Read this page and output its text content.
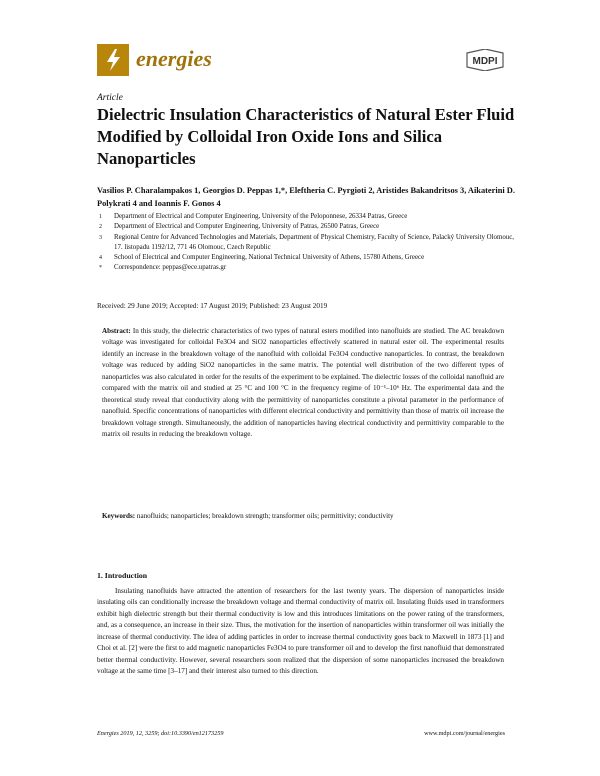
energies	MDPI
Article
Dielectric Insulation Characteristics of Natural Ester Fluid Modified by Colloidal Iron Oxide Ions and Silica Nanoparticles
Vasilios P. Charalampakos 1, Georgios D. Peppas 1,*, Eleftheria C. Pyrgioti 2, Aristides Bakandritsos 3, Aikaterini D. Polykrati 4 and Ioannis F. Gonos 4
1	Department of Electrical and Computer Engineering, University of the Peloponnese, 26334 Patras, Greece
2	Department of Electrical and Computer Engineering, University of Patras, 26500 Patras, Greece
3	Regional Centre for Advanced Technologies and Materials, Department of Physical Chemistry, Faculty of Science, Palacký University Olomouc, 17. listopadu 1192/12, 771 46 Olomouc, Czech Republic
4	School of Electrical and Computer Engineering, National Technical University of Athens, 15780 Athens, Greece
*	Correspondence: peppas@ece.upatras.gr
Received: 29 June 2019; Accepted: 17 August 2019; Published: 23 August 2019

Abstract: In this study, the dielectric characteristics of two types of natural esters modified into nanofluids are studied. The AC breakdown voltage was investigated for colloidal Fe3O4 and SiO2 nanoparticles effectively scattered in natural ester oil. The experimental results identify an increase in the breakdown voltage of the nanofluid with colloidal Fe3O4 conductive nanoparticles. In contrast, the breakdown voltage was reduced by adding SiO2 nanoparticles in the same matrix. The potential well distribution of the two different types of nanoparticles was also calculated in order for the results of the experiment to be explained. The dielectric losses of the colloidal nanofluid are compared with the matrix oil and studied at 25 °C and 100 °C in the frequency regime of 10⁻¹–10⁶ Hz. The experimental data and the theoretical study reveal that conductivity along with the permittivity of nanoparticles constitute a pivotal parameter in the performance of nanofluid. Specific concentrations of nanoparticles with different electrical conductivity and permittivity than those of matrix oil increase the breakdown voltage strength. Simultaneously, the addition of nanoparticles having electrical conductivity and permittivity comparable to the matrix oil results in reducing the breakdown voltage.

Keywords: nanofluids; nanoparticles; breakdown strength; transformer oils; permittivity; conductivity

1. Introduction

Insulating nanofluids have attracted the attention of researchers for the last twenty years. The dispersion of nanoparticles inside insulating oils can conditionally increase the breakdown voltage and thermal conductivity of matrix oil. Insulating fluids used in transformers exhibit high dielectric strength but their thermal conductivity is low and this introduces limitations on the power rating of the transformers, and, as a consequence, an increase in their size. Thus, the motivation for the insertion of nanoparticles within transformer oil was initially the increase of thermal conductivity. The idea of adding particles in order to increase thermal conductivity goes back to Maxwell in 1873 [1] and Choi et al. [2] were the first to add magnetic nanoparticles Fe3O4 to pure transformer oil and to develop the first nanofluid that demonstrated better thermal conductivity. However, several researchers soon realized that the dispersion of some nanoparticles increased the breakdown voltage at the same time [3–17] and their interest also turned to this direction.

Energies 2019, 12, 3259; doi:10.3390/en12173259	www.mdpi.com/journal/energies
